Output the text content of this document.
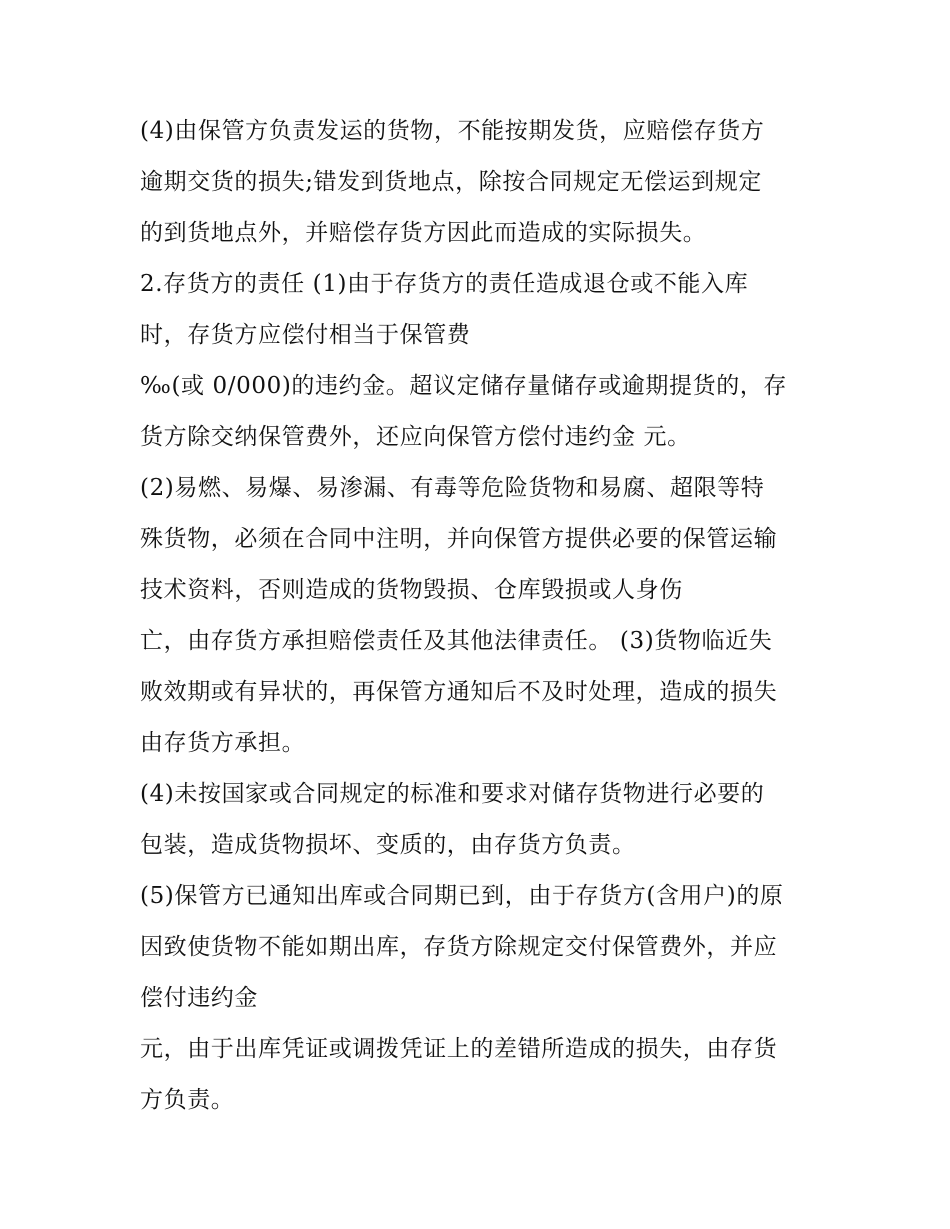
(4)由保管方负责发运的货物，不能按期发货，应赔偿存货方
逾期交货的损失;错发到货地点，除按合同规定无偿运到规定
的到货地点外，并赔偿存货方因此而造成的实际损失。
2.存货方的责任 (1)由于存货方的责任造成退仓或不能入库
时，存货方应偿付相当于保管费
‰(或 0/000)的违约金。超议定储存量储存或逾期提货的，存
货方除交纳保管费外，还应向保管方偿付违约金 元。
(2)易燃、易爆、易渗漏、有毒等危险货物和易腐、超限等特
殊货物，必须在合同中注明，并向保管方提供必要的保管运输
技术资料，否则造成的货物毁损、仓库毁损或人身伤
亡，由存货方承担赔偿责任及其他法律责任。 (3)货物临近失
败效期或有异状的，再保管方通知后不及时处理，造成的损失
由存货方承担。
(4)未按国家或合同规定的标准和要求对储存货物进行必要的
包装，造成货物损坏、变质的，由存货方负责。
(5)保管方已通知出库或合同期已到，由于存货方(含用户)的原
因致使货物不能如期出库，存货方除规定交付保管费外，并应
偿付违约金
元，由于出库凭证或调拨凭证上的差错所造成的损失，由存货
方负责。
